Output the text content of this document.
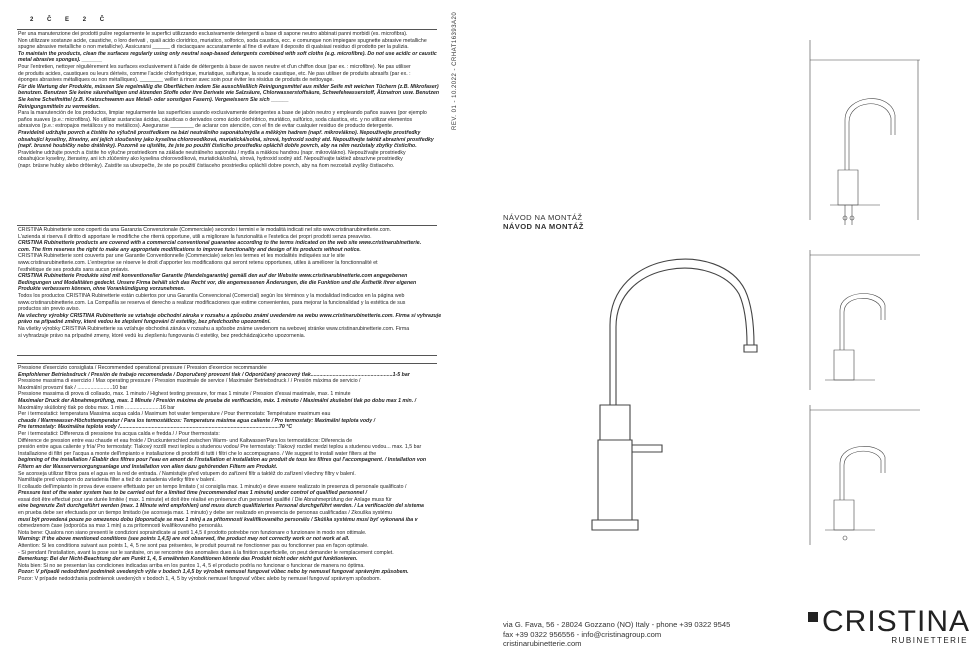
2 Č E 2 Č	REV. 01 - 10.2022 - CRHAT16393A20
Per una manutenzione dei prodotti pulire regolarmente le superfici utilizzando esclusivamente detergenti a base di sapone neutro abbinati panni morbidi (es. microfibra).
Non utilizzare sostanze acide, caustiche, o loro derivati , quali acido cloridrico, muriatico, solforico, soda caustica, ecc. e comunque non impiegare spugnette abrasive metalliche
spugne abrasive metalliche o non metalliche). Assicurarsi ______ di risciacquare accuratamente al fine di evitare il deposito di qualsiasi residuo di prodotto per la pulizia.
To maintain the products, clean the surfaces regularly using only neutral soap-based detergents combined with soft cloths (e.g. microfibre). Do not use acidic or caustic
metal abrasive sponges). _______
Pour l'entretien, nettoyer régulièrement les surfaces exclusivement à l'aide de détergents à base de savon neutre et d'un chiffon doux (par ex. : microfibre). Ne pas utiliser
de produits acides, caustiques ou leurs dérivés, comme l'acide chlorhydrique, muriatique, sulfurique, la soude caustique, etc. Ne pas utiliser de produits abrasifs (par ex. :
éponges abrasives métalliques ou non métalliques). ________ veiller à rincer avec soin pour éviter les résidus de produits de nettoyage.
Für die Wartung der Produkte, müssen Sie regelmäßig die Oberflächen indem Sie ausschließlich Reinigungsmittel aus milder Seife mit weichen Tüchern (z.B. Mikrofaser)
benutzen. Benutzen Sie keine säurehaltigen und ätzenden Stoffe oder ihre Derivate wie Salzsäure, Chlorwasserstoffsäure, Schwefelwasserstoff, Ätznatron usw. Benutzen
Sie keine Scheifmittel (z.B. Kratzschwamm aus Metall- oder sonstigen Fasern). Vergewissern Sie sich ______
Reinigungsmitteln zu vermeiden.
Para la manutención de los productos, limpiar regularmente las superficies usando exclusivamente detergentes a base de jabón neutro y empleando paños suaves (por ejemplo
paños suaves (p.e.: microfibra). No utilizar sustancias ácidas, cáusticas o derivados como ácido clorhídrico, muriático, sulfúrico, soda cáustica, etc. y no utilizar elementos
abrasivos (p.e.: estropajos metálicos y no metálicos). Asegurarse ________ de aclarar con atención, con el fin de evitar cualquier residuo de producto detergente.
Pravidelně udržujte povrch a čistěte ho výlučně prostředkem na bázi neutrálního saponátu/mýdla a měkkým hadrem (např. mikrovlákno). Nepoužívejte prostředky
obsahující kyseliny, žíraviny, ani jejich sloučeniny jako kyselina chlorovodíková, muriatická/solná, sírová, hydroxid sodný atd. Nepoužívejte taktéž abrazivní prostředky
(např. brusné houbičky nebo drátěnky). Pozorně se ujistěte, že jste po použití čisticího prostředku opláchli dobře povrch, aby na něm nezůstaly zbytky čisticího.
Pravidelne udržujte povrch a čistite ho výlučne prostriedkom na základe neutrálneho saponátu / mydla a mäkkou handrou (napr. mikrovlákno). Nepoužívajte prostriedky
obsahujúce kyseliny, žieraviny, ani ich zlúčeniny ako kyselina chlorovodíková, muriatická/soľná, sírová, hydroxid sodný atď. Nepoužívajte taktiež abrazívne prostriedky
(napr. brúsne hubky alebo drôtenky). Zaistíte sa ubezpečte, že ste po použití čistiaceho prostriedku opláchli dobre povrch, aby na ňom nezostali zvyšky čistiaceho.
CRISTINA Rubinetterie sono coperti da una Garanzia Convenzionale (Commerciale) secondo i termini e le modalità indicati nel sito www.cristinarubinetterie.com.
L'azienda si riserva il diritto di apportare le modifiche che riterrà opportune, utili a migliorare la funzionalità e l'estetica dei propri prodotti senza preavviso.
CRISTINA Rubinetterie products are covered with a commercial conventional guarantee according to the terms indicated on the web site www.cristinarubinetterie.
com. The firm reserves the right to make any appropriate modifications to improve functionality and design of its products without notice.
CRISTINA Rubinetterie sont couverts par une Garantie Conventionnelle (Commerciale) selon les termes et les modalités indiquées sur le site
www.cristinarubinetterie.com. L'entreprise se réserve le droit d'apporter les modifications qui seront retenu opportunes, utiles à améliorer la fonctionnalité et
l'esthétique de ses produits sans aucun préavis.
CRISTINA Rubinetterie Produkte sind mit konventioneller Garantie (Handelsgarantie) gemäß den auf der Website www.cristinarubinetterie.com angegebenen
Bedingungen und Modalitäten gedeckt. Unsere Firma behält sich das Recht vor, die angemessenen Änderungen, die die Funktion und die Ästhetik ihrer eigenen
Produkte verbessern können, ohne Vorankündigung vorzunehmen.
Todos los productos CRISTINA Rubinetterie están cubiertos por una Garantía Convencional (Comercial) según los términos y la modalidad indicados en la página web
www.cristinarubinetterie.com. La Compañía se reserva el derecho a realizar modificaciones que estime convenientes, para mejorar la funcionalidad y la estética de sus
productos sin previo aviso.
Na všechny výrobky CRISTINA Rubinetterie se vztahuje obchodní záruka v rozsahu a způsobu známí uvedeném na webu www.cristinarubinetterie.com. Firma si vyhrazuje
právo na případné změny, které vedou ke zlepšení fungování či estetiky, bez předchozího upozornění.
Na všetky výrobky CRISTINA Rubinetterie sa vzťahuje obchodná záruka v rozsahu a spôsobe známe uvedenom na webovej stránke www.cristinarubinetterie.com. Firma
si vyhradzuje právo na prípadné zmeny, ktoré vedú ku zlepšeniu fungovania či estetiky, bez predchádzajúceho upozornenia.
Pressione d'esercizio consigliata / Recommended operational pressure / Pression d'exercice recommandée
Empfohlener Betriebsdruck / Presión de trabajo recomendada / Doporučený provozní tlak / Odporúčaný pracovný tlak........................................................1-5 bar
Pressione massima di esercizio / Max operating pressure / Pression maximale de service / Maximaler Betriebsdruck / / Presión máxima de servicio /
Maximální provozní tlak / ........................10 bar
Pressione massima di prova di collaudo, max. 1 minuto / Highest testing pressure, for max 1 minute / Pression d'essai maximale, max. 1 minute
Maximaler Druck der Abnahmeprüfung, max. 1 Minute / Presión máxima de prueba de verificación, máx. 1 minuto / Maximální zkušební tlak po dobu max 1 min. /
Maximálny skúšobný tlak po dobu max. 1 min ........................16 bar
Per i termostatici: temperatura Massima acqua calda / Maximum hot water temperature / Pour thermostats: Température maximum eau
chaude / Warmwasser-Höchsttemperatur / Para los termostáticos: Temperatura máxima agua caliente / Pro termostaty: Maximální teplota vody /
Pre termostaty: Maximálna teplota vody /.............................................................................................................70 °C
Per i termostatici: Differenza di pressione tra acqua calda e fredda / / Pour thermostats:
Différence de pression entre eau chaude et eau froide / Druckunterschied zwischen Warm- und Kaltwasser/Para los termostáticos: Diferencia de
presión entre agua caliente y fría/ Pro termostaty: Tlakový rozdíl mezi teplou a studenou vodou/ Pre termostaty: Tlakový rozdiel medzi teplou a studenou vodou... max. 1,5 bar
Installazione di filtri per l'acqua a monte dell'impianto e installazione di prodotti di tutti i filtri che lo accompagnano. / We suggest to install water filters at the
beginning of the installation / Établir des filtres pour l'eau en amont de l'installation et installation au produit de tous les filtres qui l'accompagnent. / Installation von
Filtern an der Wasserversorgungsanlage und Installation von allen dazu gehörenden Filtern am Produkt.
Se aconseja utilizar filtros para el agua en la red de entrada. / Namistujte před vstupem do zařízení filtr a taktéž do zařízení všechny filtry v balení.
Namištajte pred vstupom do zariadenia filter a tiež do zariadenia všetky filtre v balení.
Il collaudo dell'impianto in prova deve essere effettuato per un tempo limitato ( si consiglia max. 1 minuto) e deve essere realizzato in presenza di personale qualificato /
Pressure test of the water system has to be carried out for a limited time (recommended max 1 minute) under control of qualified personnel /
essai doit être effectué pour une durée limitée ( max. 1 minute) et doit être réalisé en présence d'un personnel qualifié / Die Abnahmeprüfung der Anlage muss für
eine begrenzte Zeit durchgeführt werden (max. 1 Minute wird empfohlen) und muss durch qualifiziertes Personal durchgeführt werden. / La verificación del sistema
en prueba debe ser efectuada por un tiempo limitado (se aconseja max. 1 minuto) y debe ser realizado en presencia de personas cualificadas / Zkouška systému
musí být provedená pouze po omezenou dobu (doporučuje se max 1 min) a za přítomnosti kvalifikovaného personálu / Skúška systému musí byť vykonaná iba v
obmedzenom čase (odporúča sa max 1 min) a za prítomnosti kvalifikovaného personálu.
Nota bene: Qualora non siano presenti le condizioni sopraindicate ai punti 1,4,5 il prodotto potrebbe non funzionare o funzionare in modo non ottimale.
Warning: If the above mentioned conditions (see points 1,4,5) are not observed, the product may not correctly work or not work at all.
Attention: Si les conditions suivant aux points 1, 4, 5 ne sont pas présentes, le produit pourrait ne fonctionner pas ou fonctionner pas en façon optimale.
- Si pendant l'installation, avant la pose sur le sanitaire, on se rencontre des anomalies dues à la finition superficielle, on peut demander le remplacement complet.
Bemerkung: Bei der Nicht-Beachtung der am Punkt 1, 4, 5 erwähnten Konditionen könnte das Produkt nicht oder nicht gut funktionieren.
Nota bien: Si no se presentan las condiciones indicadas arriba en los puntos 1, 4, 5 el producto podría no funcionar o funcionar de manera no óptima.
Pozor: V případě nedodržení podmínek uvedených výše v bodech 1,4,5 by výrobek nemusel fungovat vůbec nebo by nemusel fungovat správným způsobem.
Pozor: V prípade nedodržania podmienok uvedených v bodoch 1, 4, 5 by výrobok nemusel fungovať vôbec alebo by nemusel fungovať správnym spôsobom.
NÁVOD NA MONTÁŽ
NÁVOD NA MONTÁŽ
via G. Fava, 56 - 28024 Gozzano (NO) Italy - phone +39 0322 9545
fax +39 0322 956556 - info@cristinagroup.com
cristinarubinetterie.com
CRISTINA
RUBINETTERIE
